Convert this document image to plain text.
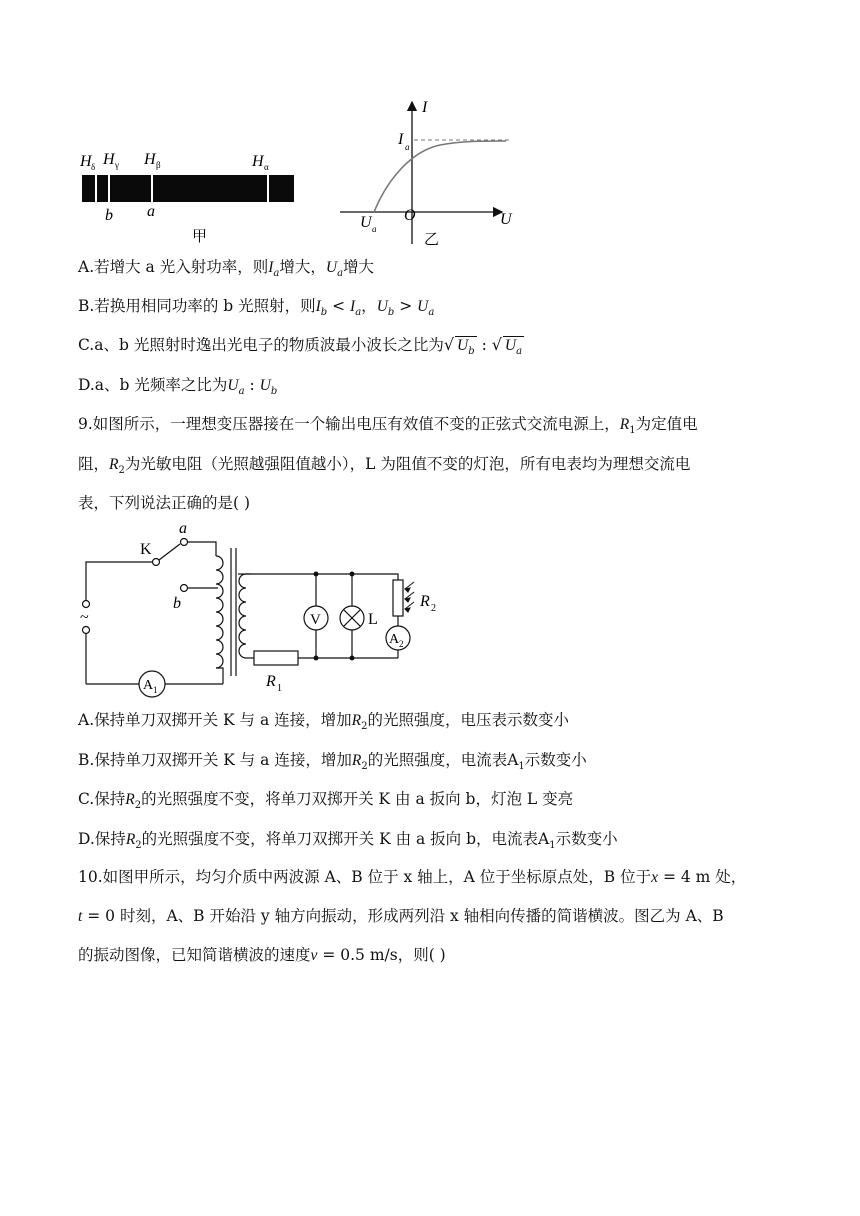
H δ H γ H β	H α
b a
甲
I
U
O
I a
U a
乙
A.若增大 a 光入射功率，则$I_a$增大，$U_a$增大
B.若换用相同功率的 b 光照射，则$I_b < I_a$，$U_b > U_a$
C.a、b 光照射时逸出光电子的物质波最小波长之比为√ $U_b$ : √ $U_a$
D.a、b 光频率之比为$U_a$ : $U_b$
9.如图所示，一理想变压器接在一个输出电压有效值不变的正弦式交流电源上，$R_1$为定值电
阻，$R_2$为光敏电阻（光照越强阻值越小），L 为阻值不变的灯泡，所有电表均为理想交流电
表，下列说法正确的是( )
V	L
R 2
A 2
A 1
K
a
b
~
R 1
A.保持单刀双掷开关 K 与 a 连接，增加$R_2$的光照强度，电压表示数变小
B.保持单刀双掷开关 K 与 a 连接，增加$R_2$的光照强度，电流表$A_1$示数变小
C.保持$R_2$的光照强度不变，将单刀双掷开关 K 由 a 扳向 b，灯泡 L 变亮
D.保持$R_2$的光照强度不变，将单刀双掷开关 K 由 a 扳向 b，电流表$A_1$示数变小
10.如图甲所示，均匀介质中两波源 A、B 位于 x 轴上，A 位于坐标原点处，B 位于x = 4 m 处，
t = 0 时刻，A、B 开始沿 y 轴方向振动，形成两列沿 x 轴相向传播的简谐横波。图乙为 A、B
的振动图像，已知简谐横波的速度v = 0.5 m/s，则( )
